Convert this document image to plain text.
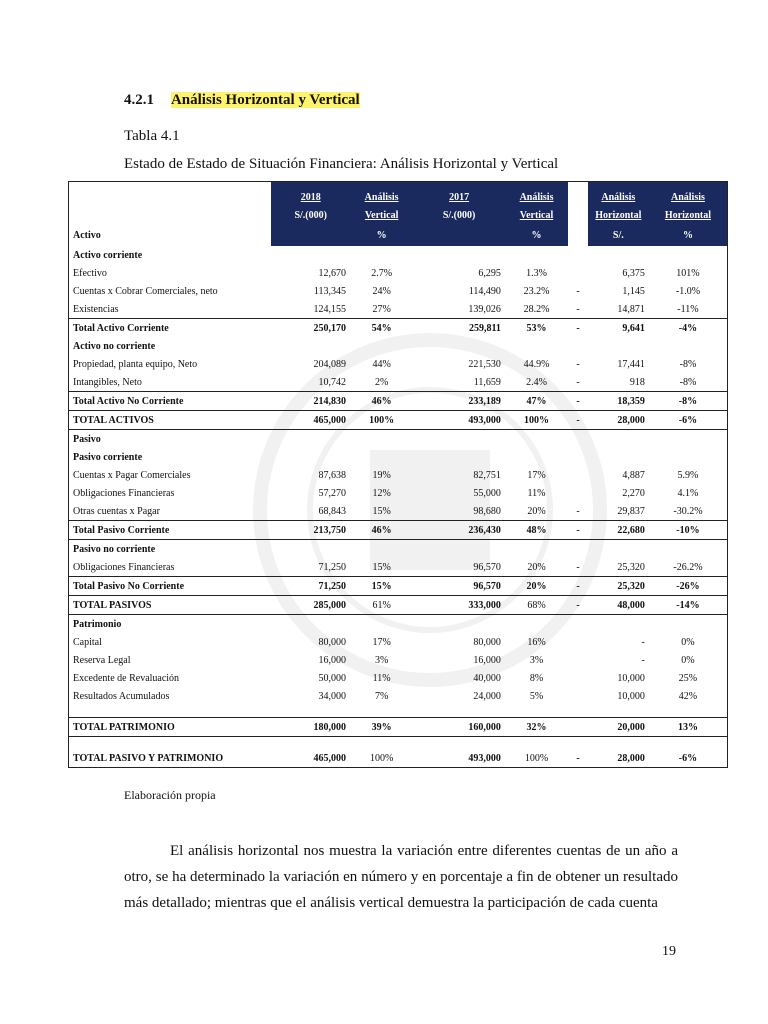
4.2.1 Análisis Horizontal y Vertical
Tabla 4.1
Estado de Estado de Situación Financiera: Análisis Horizontal y Vertical
	2018	Análisis	2017	Análisis		Análisis	Análisis
	S/.(000)	Vertical	S/.(000)	Vertical		Horizontal	Horizontal
Activo		%		%		S/.	%
Activo corriente							
Efectivo	12,670	2.7%	6,295	1.3%		6,375	101%
Cuentas x Cobrar Comerciales, neto	113,345	24%	114,490	23.2%	-	1,145	-1.0%
Existencias	124,155	27%	139,026	28.2%	-	14,871	-11%
Total Activo Corriente	250,170	54%	259,811	53%	-	9,641	-4%
Activo no corriente							
Propiedad, planta equipo, Neto	204,089	44%	221,530	44.9%	-	17,441	-8%
Intangibles, Neto	10,742	2%	11,659	2.4%	-	918	-8%
Total Activo No Corriente	214,830	46%	233,189	47%	-	18,359	-8%
TOTAL ACTIVOS	465,000	100%	493,000	100%	-	28,000	-6%
Pasivo							
Pasivo corriente							
Cuentas x Pagar Comerciales	87,638	19%	82,751	17%		4,887	5.9%
Obligaciones Financieras	57,270	12%	55,000	11%		2,270	4.1%
Otras cuentas x Pagar	68,843	15%	98,680	20%	-	29,837	-30.2%
Total Pasivo Corriente	213,750	46%	236,430	48%	-	22,680	-10%
Pasivo no corriente							
Obligaciones Financieras	71,250	15%	96,570	20%	-	25,320	-26.2%
Total Pasivo No Corriente	71,250	15%	96,570	20%	-	25,320	-26%
TOTAL PASIVOS	285,000	61%	333,000	68%	-	48,000	-14%
Patrimonio							
Capital	80,000	17%	80,000	16%		-	0%
Reserva Legal	16,000	3%	16,000	3%		-	0%
Excedente de Revaluación	50,000	11%	40,000	8%		10,000	25%
Resultados Acumulados	34,000	7%	24,000	5%		10,000	42%

TOTAL PATRIMONIO	180,000	39%	160,000	32%		20,000	13%

TOTAL PASIVO Y PATRIMONIO	465,000	100%	493,000	100%	-	28,000	-6%
Elaboración propia
El análisis horizontal nos muestra la variación entre diferentes cuentas de un año a otro, se ha determinado la variación en número y en porcentaje a fin de obtener un resultado más detallado; mientras que el análisis vertical demuestra la participación de cada cuenta
19
